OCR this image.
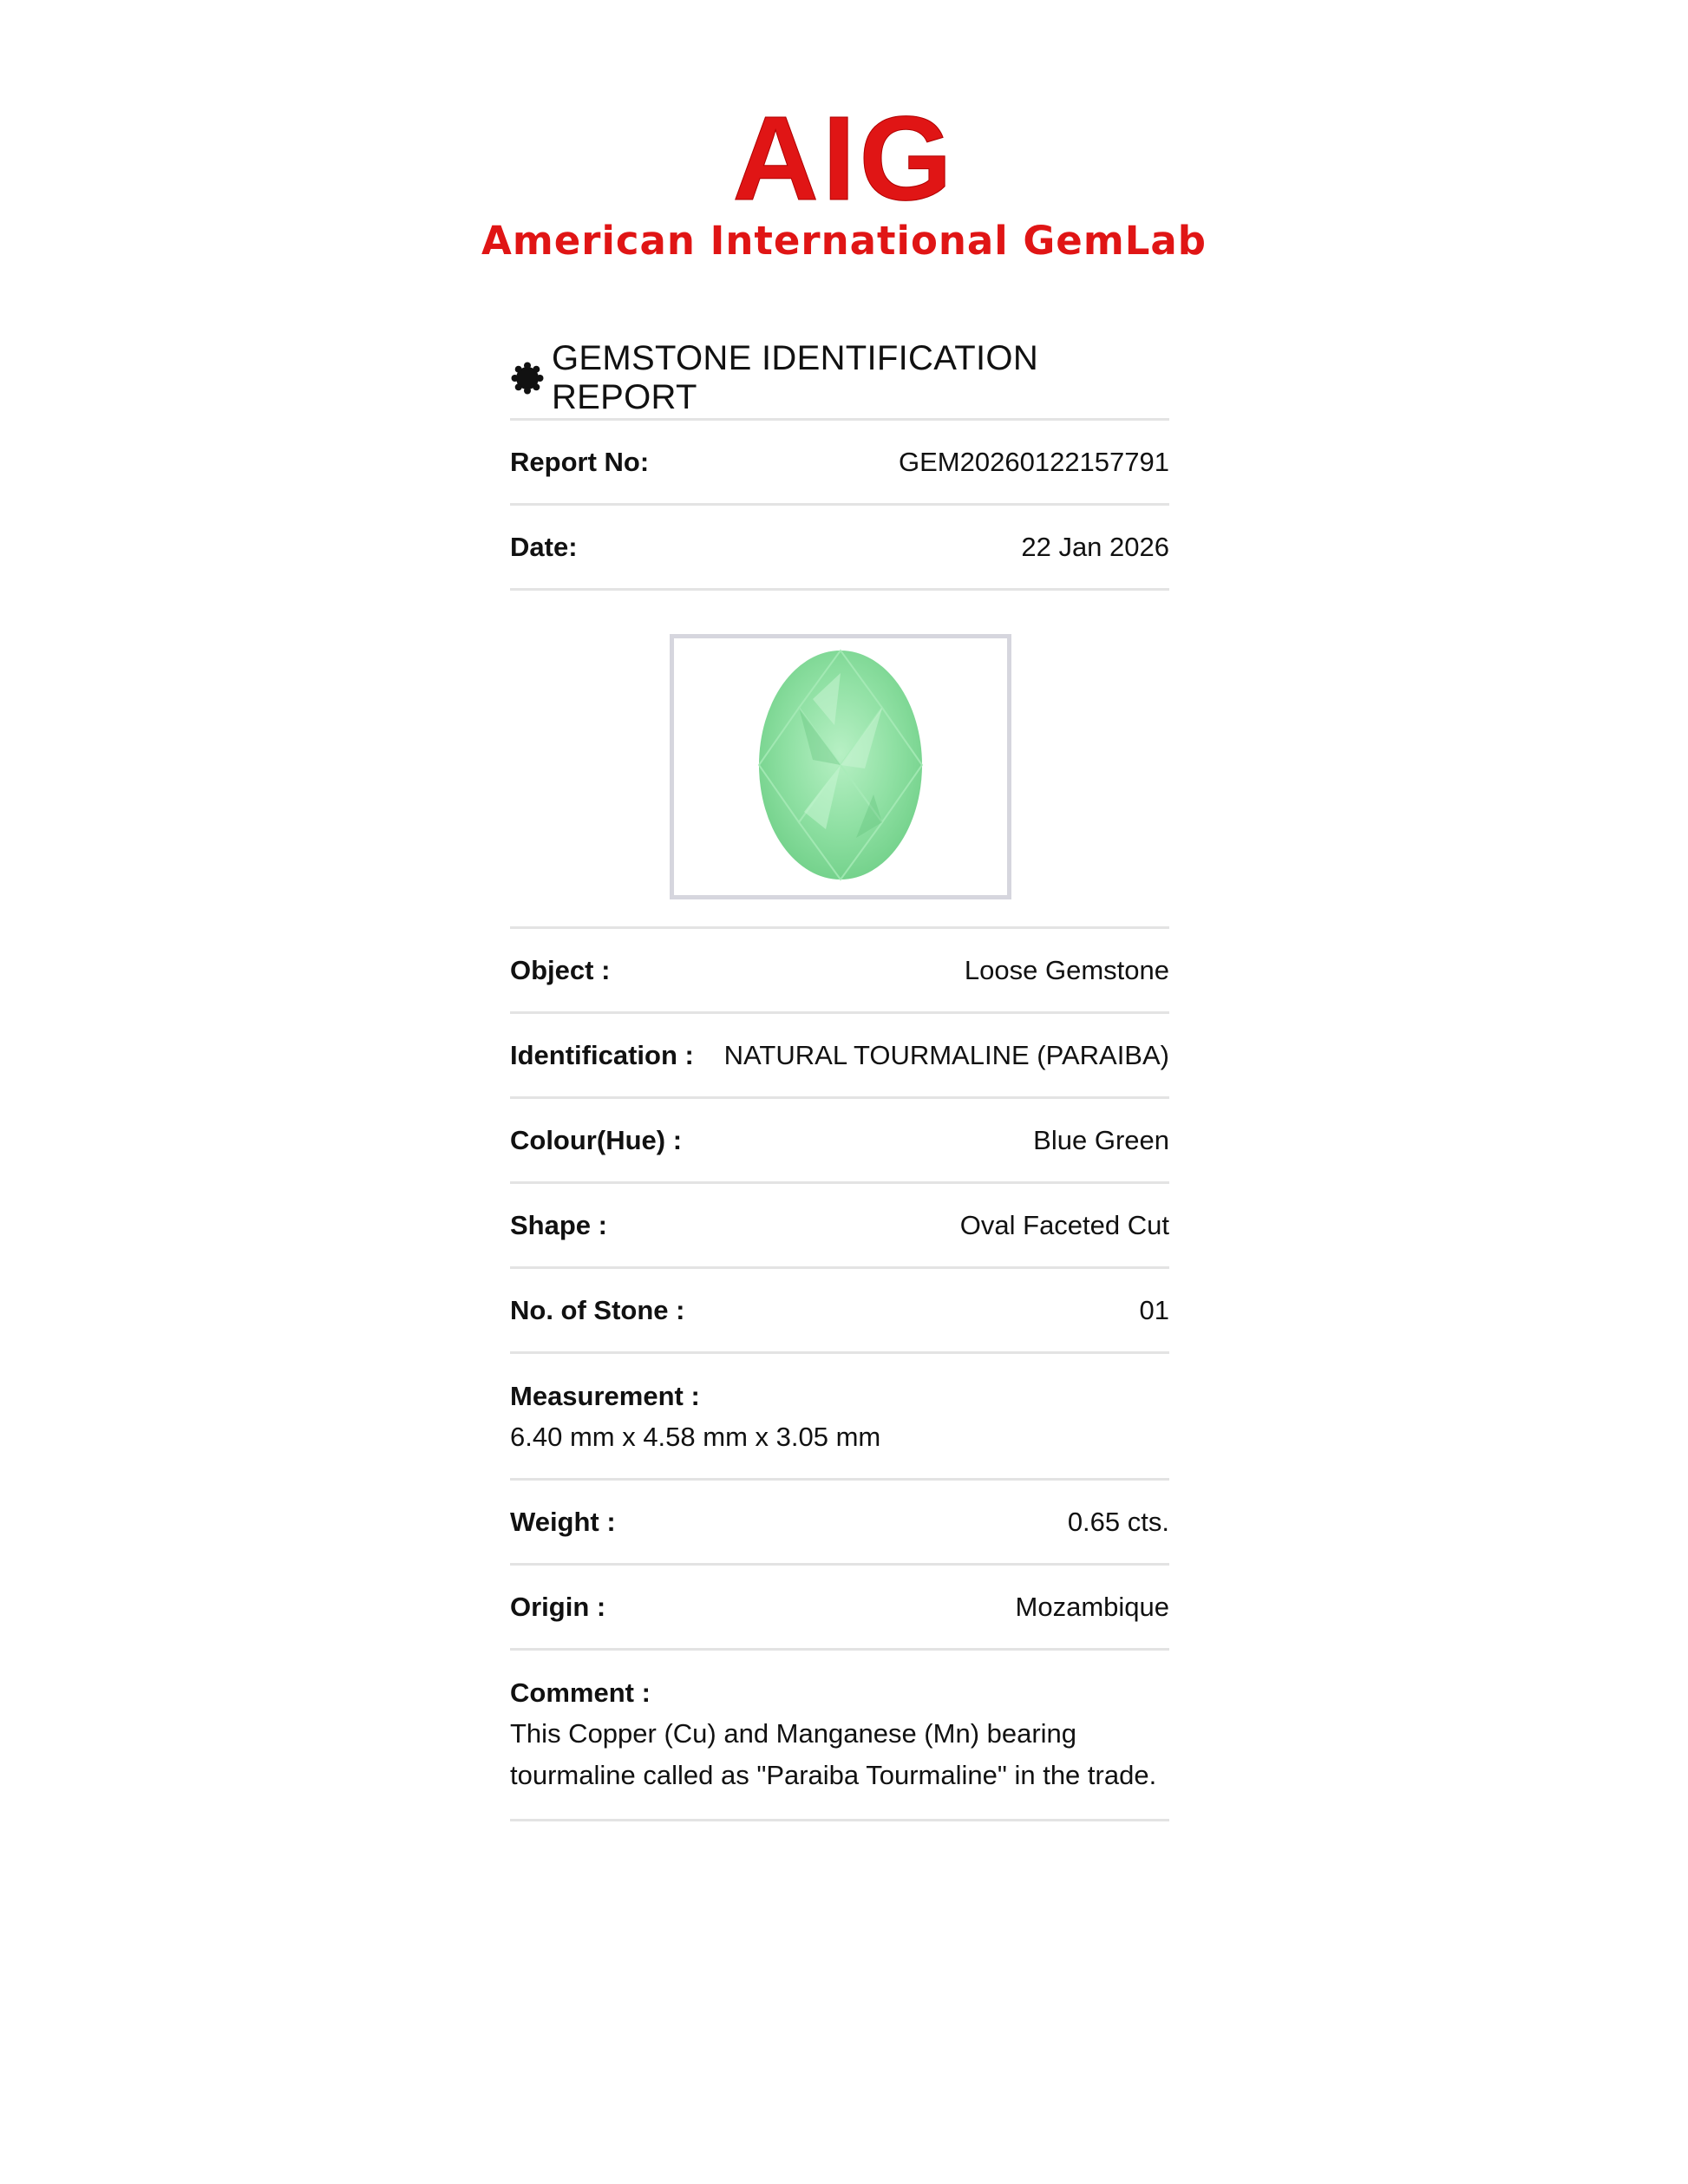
AIG
American International GemLab
GEMSTONE IDENTIFICATION REPORT
Report No:	GEM20260122157791
Date:	22 Jan 2026
Object :	Loose Gemstone
Identification : NATURAL TOURMALINE (PARAIBA)
Colour(Hue) :	Blue Green
Shape :	Oval Faceted Cut
No. of Stone :	01
Measurement :
6.40 mm x 4.58 mm x 3.05 mm
Weight :	0.65 cts.
Origin :	Mozambique
Comment :
This Copper (Cu) and Manganese (Mn) bearing tourmaline called as "Paraiba Tourmaline" in the trade.
